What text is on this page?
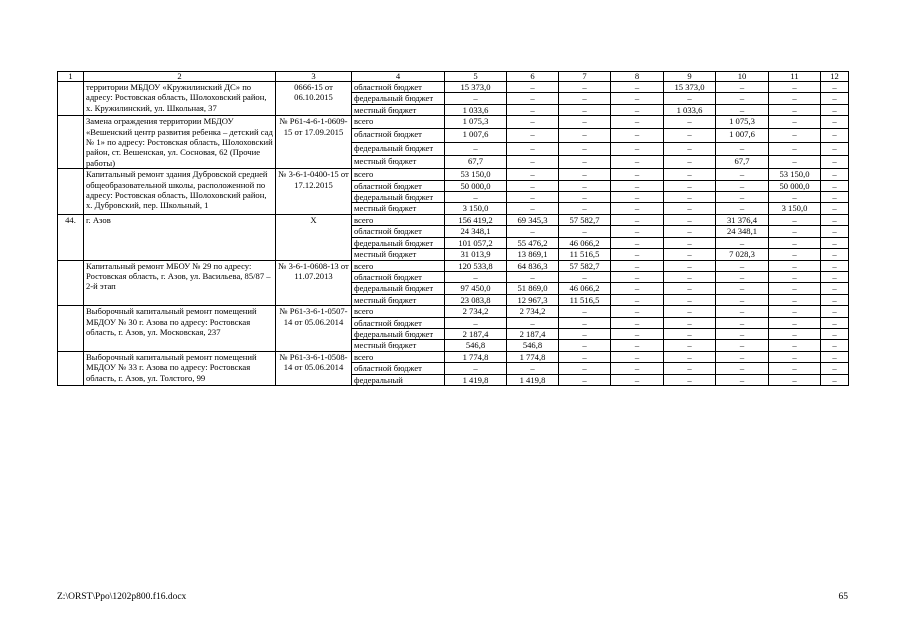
1	2	3	4	5	6	7	8	9	10	11	12
	территории МБДОУ «Кружилинский ДС» по адресу: Ростовская область, Шолоховский район, х. Кружилинский, ул. Школьная, 37	0666-15 от 06.10.2015	областной бюджет	15 373,0	–	–	–	15 373,0	–	–	–
			федеральный бюджет	–	–	–	–	–	–	–	–
			местный бюджет	1 033,6	–	–	–	1 033,6	–	–	–
	Замена ограждения территории МБДОУ «Вешенский центр развития ребенка – детский сад № 1» по адресу: Ростовская область, Шолоховский район, ст. Вешенская, ул. Сосновая, 62 (Прочие работы)	№ Р61-4-6-1-0609-15 от 17.09.2015	всего	1 075,3	–	–	–	–	1 075,3	–	–
			областной бюджет	1 007,6	–	–	–	–	1 007,6	–	–
			федеральный бюджет	–	–	–	–	–	–	–	–
			местный бюджет	67,7	–	–	–	–	67,7	–	–
	Капитальный ремонт здания Дубровской средней общеобразовательной школы, расположенной по адресу: Ростовская область, Шолоховский район, х. Дубровский, пер. Школьный, 1	№ 3-6-1-0400-15 от 17.12.2015	всего	53 150,0	–	–	–	–	–	53 150,0	–
			областной бюджет	50 000,0	–	–	–	–	–	50 000,0	–
			федеральный бюджет	–	–	–	–	–	–	–	–
			местный бюджет	3 150,0	–	–	–	–	–	3 150,0	–
44.	г. Азов	Х	всего	156 419,2	69 345,3	57 582,7	–	–	31 376,4	–	–
			областной бюджет	24 348,1	–	–	–	–	24 348,1	–	–
			федеральный бюджет	101 057,2	55 476,2	46 066,2	–	–	–	–	–
			местный бюджет	31 013,9	13 869,1	11 516,5	–	–	7 028,3	–	–
	Капитальный ремонт МБОУ № 29 по адресу: Ростовская область, г. Азов, ул. Васильева, 85/87 – 2-й этап	№ 3-6-1-0608-13 от 11.07.2013	всего	120 533,8	64 836,3	57 582,7	–	–	–	–	–
			областной бюджет	–	–	–	–	–	–	–	–
			федеральный бюджет	97 450,0	51 869,0	46 066,2	–	–	–	–	–
			местный бюджет	23 083,8	12 967,3	11 516,5	–	–	–	–	–
	Выборочный капитальный ремонт помещений МБДОУ № 30 г. Азова по адресу: Ростовская область, г. Азов, ул. Московская, 237	№ Р61-3-6-1-0507-14 от 05.06.2014	всего	2 734,2	2 734,2	–	–	–	–	–	–
			областной бюджет	–	–	–	–	–	–	–	–
			федеральный бюджет	2 187,4	2 187,4	–	–	–	–	–	–
			местный бюджет	546,8	546,8	–	–	–	–	–	–
	Выборочный капитальный ремонт помещений МБДОУ № 33 г. Азова по адресу: Ростовская область, г. Азов, ул. Толстого, 99	№ Р61-3-6-1-0508-14 от 05.06.2014	всего	1 774,8	1 774,8	–	–	–	–	–	–
			областной бюджет	–	–	–	–	–	–	–	–
			федеральный	1 419,8	1 419,8	–	–	–	–	–	–
Z:\ORST\Ppo\1202p800.f16.docx	65
